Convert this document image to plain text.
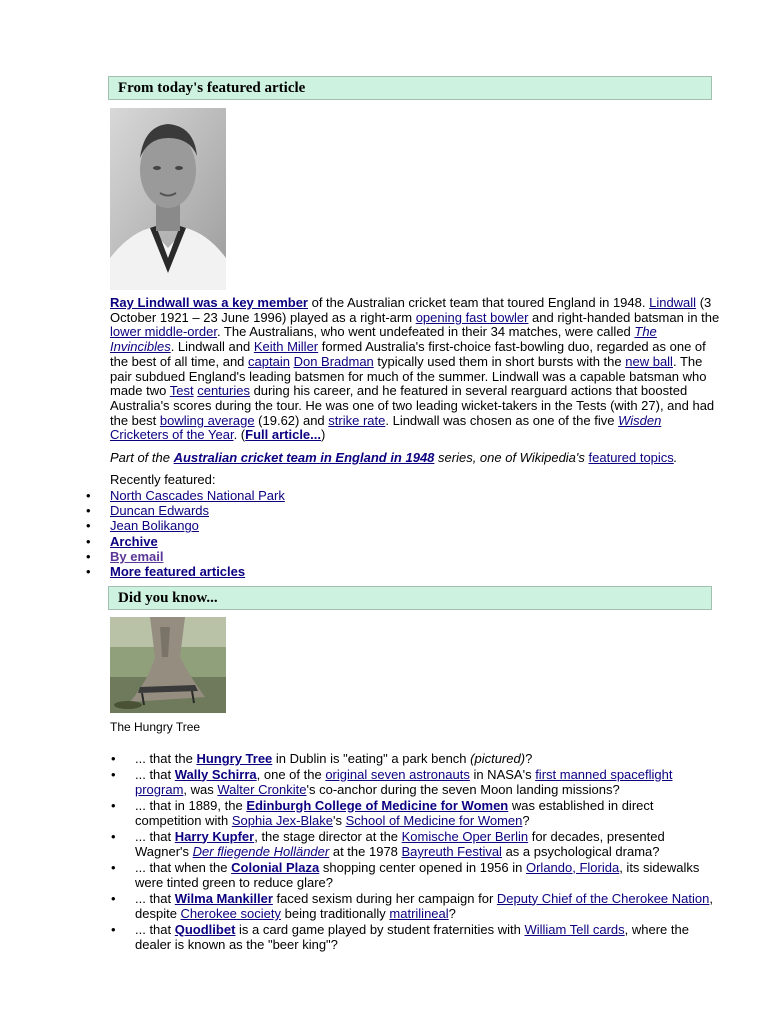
From today's featured article

Ray Lindwall was a key member of the Australian cricket team that toured England in 1948. Lindwall (3 October 1921 – 23 June 1996) played as a right-arm opening fast bowler and right-handed batsman in the lower middle-order. The Australians, who went undefeated in their 34 matches, were called The Invincibles. Lindwall and Keith Miller formed Australia's first-choice fast-bowling duo, regarded as one of the best of all time, and captain Don Bradman typically used them in short bursts with the new ball. The pair subdued England's leading batsmen for much of the summer. Lindwall was a capable batsman who made two Test centuries during his career, and he featured in several rearguard actions that boosted Australia's scores during the tour. He was one of two leading wicket-takers in the Tests (with 27), and had the best bowling average (19.62) and strike rate. Lindwall was chosen as one of the five Wisden Cricketers of the Year. (Full article...)

Part of the Australian cricket team in England in 1948 series, one of Wikipedia's featured topics.
Recently featured:
• North Cascades National Park
• Duncan Edwards
• Jean Bolikango
• Archive
• By email
• More featured articles
Did you know...
The Hungry Tree
• ... that the Hungry Tree in Dublin is "eating" a park bench (pictured)?
• ... that Wally Schirra, one of the original seven astronauts in NASA's first manned spaceflight program, was Walter Cronkite's co-anchor during the seven Moon landing missions?
• ... that in 1889, the Edinburgh College of Medicine for Women was established in direct competition with Sophia Jex-Blake's School of Medicine for Women?
• ... that Harry Kupfer, the stage director at the Komische Oper Berlin for decades, presented Wagner's Der fliegende Holländer at the 1978 Bayreuth Festival as a psychological drama?
• ... that when the Colonial Plaza shopping center opened in 1956 in Orlando, Florida, its sidewalks were tinted green to reduce glare?
• ... that Wilma Mankiller faced sexism during her campaign for Deputy Chief of the Cherokee Nation, despite Cherokee society being traditionally matrilineal?
• ... that Quodlibet is a card game played by student fraternities with William Tell cards, where the dealer is known as the "beer king"?
